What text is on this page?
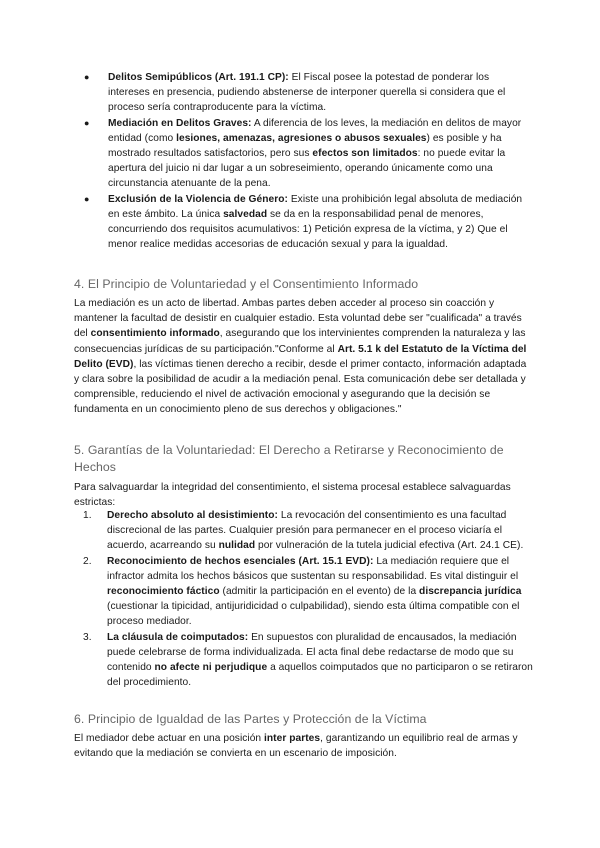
● Delitos Semipúblicos (Art. 191.1 CP): El Fiscal posee la potestad de ponderar los intereses en presencia, pudiendo abstenerse de interponer querella si considera que el proceso sería contraproducente para la víctima.
● Mediación en Delitos Graves: A diferencia de los leves, la mediación en delitos de mayor entidad (como lesiones, amenazas, agresiones o abusos sexuales) es posible y ha mostrado resultados satisfactorios, pero sus efectos son limitados: no puede evitar la apertura del juicio ni dar lugar a un sobreseimiento, operando únicamente como una circunstancia atenuante de la pena.
● Exclusión de la Violencia de Género: Existe una prohibición legal absoluta de mediación en este ámbito. La única salvedad se da en la responsabilidad penal de menores, concurriendo dos requisitos acumulativos: 1) Petición expresa de la víctima, y 2) Que el menor realice medidas accesorias de educación sexual y para la igualdad.
4. El Principio de Voluntariedad y el Consentimiento Informado

La mediación es un acto de libertad. Ambas partes deben acceder al proceso sin coacción y mantener la facultad de desistir en cualquier estadio. Esta voluntad debe ser "cualificada" a través del consentimiento informado, asegurando que los intervinientes comprenden la naturaleza y las consecuencias jurídicas de su participación."Conforme al Art. 5.1 k del Estatuto de la Víctima del Delito (EVD), las víctimas tienen derecho a recibir, desde el primer contacto, información adaptada y clara sobre la posibilidad de acudir a la mediación penal. Esta comunicación debe ser detallada y comprensible, reduciendo el nivel de activación emocional y asegurando que la decisión se fundamenta en un conocimiento pleno de sus derechos y obligaciones."

5. Garantías de la Voluntariedad: El Derecho a Retirarse y Reconocimiento de Hechos

Para salvaguardar la integridad del consentimiento, el sistema procesal establece salvaguardas estrictas:

1. Derecho absoluto al desistimiento: La revocación del consentimiento es una facultad discrecional de las partes. Cualquier presión para permanecer en el proceso viciaría el acuerdo, acarreando su nulidad por vulneración de la tutela judicial efectiva (Art. 24.1 CE).
2. Reconocimiento de hechos esenciales (Art. 15.1 EVD): La mediación requiere que el infractor admita los hechos básicos que sustentan su responsabilidad. Es vital distinguir el reconocimiento fáctico (admitir la participación en el evento) de la discrepancia jurídica (cuestionar la tipicidad, antijuridicidad o culpabilidad), siendo esta última compatible con el proceso mediador.
3. La cláusula de coimputados: En supuestos con pluralidad de encausados, la mediación puede celebrarse de forma individualizada. El acta final debe redactarse de modo que su contenido no afecte ni perjudique a aquellos coimputados que no participaron o se retiraron del procedimiento.
6. Principio de Igualdad de las Partes y Protección de la Víctima

El mediador debe actuar en una posición inter partes, garantizando un equilibrio real de armas y evitando que la mediación se convierta en un escenario de imposición.
